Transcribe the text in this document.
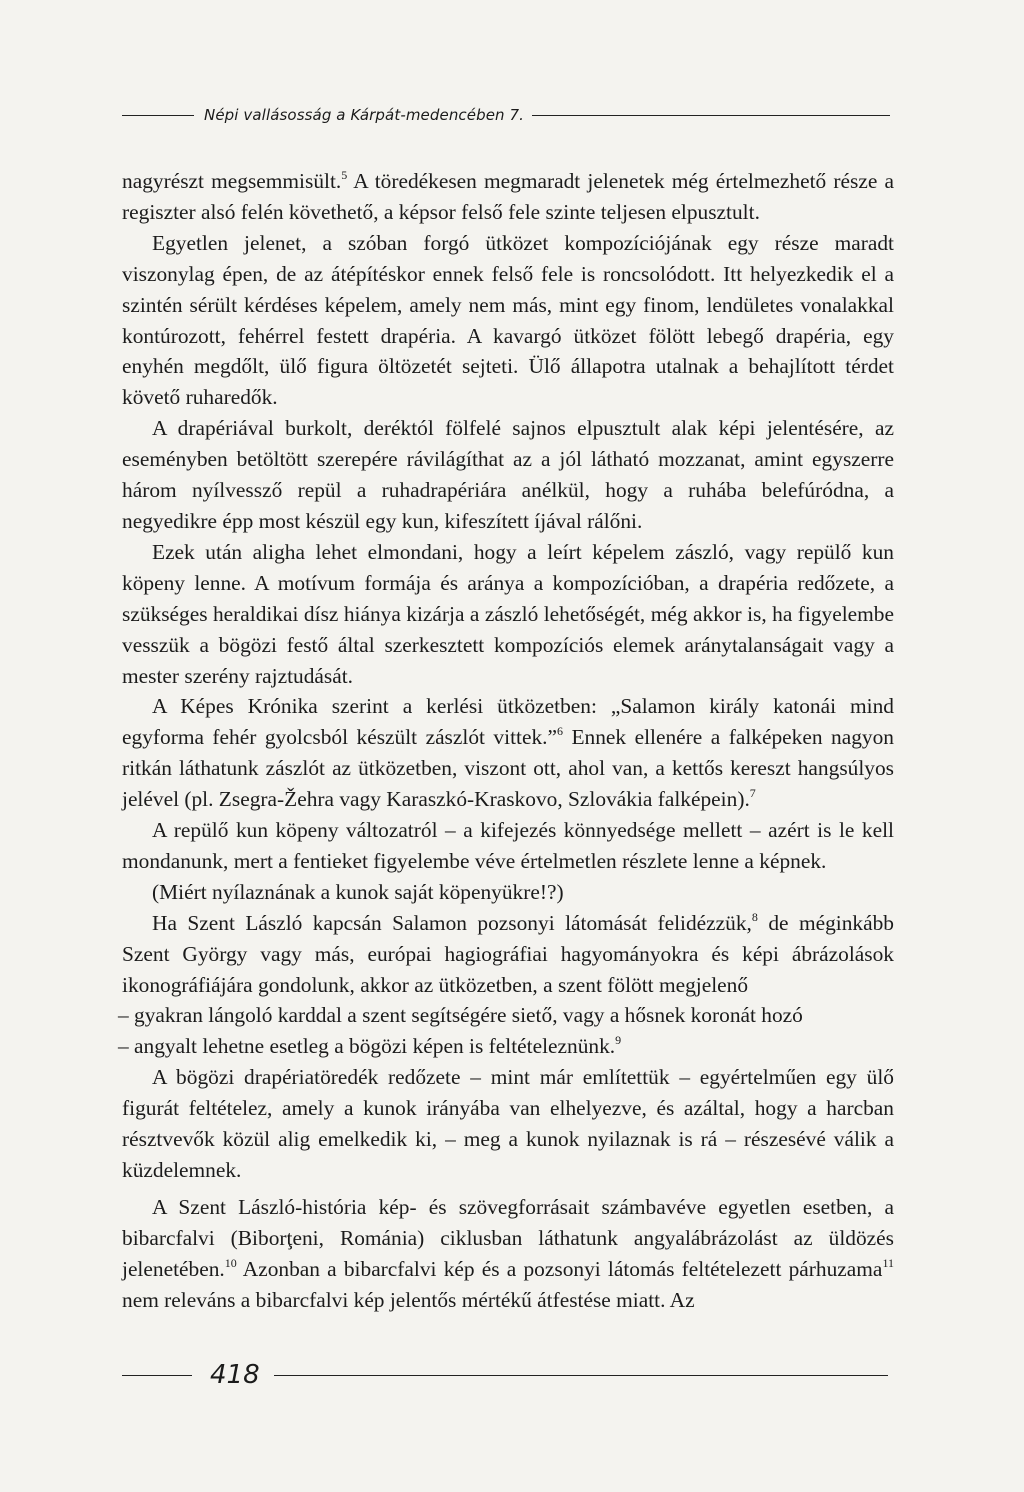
Népi vallásosság a Kárpát-medencében 7.

nagyrészt megsemmisült.$^5$ A töredékesen megmaradt jelenetek még értelmezhető része a regiszter alsó felén követhető, a képsor felső fele szinte teljesen elpusztult.

Egyetlen jelenet, a szóban forgó ütközet kompozíciójának egy része maradt viszonylag épen, de az átépítéskor ennek felső fele is roncsolódott. Itt helyezkedik el a szintén sérült kérdéses képelem, amely nem más, mint egy finom, lendületes vonalakkal kontúrozott, fehérrel festett drapéria. A kavargó ütközet fölött lebegő drapéria, egy enyhén megdőlt, ülő figura öltözetét sejteti. Ülő állapotra utalnak a behajlított térdet követő ruharedők.

A drapériával burkolt, deréktól fölfelé sajnos elpusztult alak képi jelentésére, az eseményben betöltött szerepére rávilágíthat az a jól látható mozzanat, amint egyszerre három nyílvessző repül a ruhadrapériára anélkül, hogy a ruhába belefúródna, a negyedikre épp most készül egy kun, kifeszített íjával rálőni.

Ezek után aligha lehet elmondani, hogy a leírt képelem zászló, vagy repülő kun köpeny lenne. A motívum formája és aránya a kompozícióban, a drapéria redőzete, a szükséges heraldikai dísz hiánya kizárja a zászló lehetőségét, még akkor is, ha figyelembe vesszük a bögözi festő által szerkesztett kompozíciós elemek aránytalanságait vagy a mester szerény rajztudását.

A Képes Krónika szerint a kerlési ütközetben: „Salamon király katonái mind egyforma fehér gyolcsból készült zászlót vittek.”$^6$ Ennek ellenére a falképeken nagyon ritkán láthatunk zászlót az ütközetben, viszont ott, ahol van, a kettős kereszt hangsúlyos jelével (pl. Zsegra-Žehra vagy Karaszkó-Kraskovo, Szlovákia falképein).$^7$

A repülő kun köpeny változatról – a kifejezés könnyedsége mellett – azért is le kell mondanunk, mert a fentieket figyelembe véve értelmetlen részlete lenne a képnek.

(Miért nyílaznának a kunok saját köpenyükre!?)

Ha Szent László kapcsán Salamon pozsonyi látomását felidézzük,$^8$ de méginkább Szent György vagy más, európai hagiográfiai hagyományokra és képi ábrázolások ikonográfiájára gondolunk, akkor az ütközetben, a szent fölött megjelenő

– gyakran lángoló karddal a szent segítségére siető, vagy a hősnek koronát hozó

– angyalt lehetne esetleg a bögözi képen is feltételeznünk.$^9$

A bögözi drapériatöredék redőzete – mint már említettük – egyértelműen egy ülő figurát feltételez, amely a kunok irányába van elhelyezve, és azáltal, hogy a harcban résztvevők közül alig emelkedik ki, – meg a kunok nyilaznak is rá – részesévé válik a küzdelemnek.

A Szent László-história kép- és szövegforrásait számbavéve egyetlen esetben, a bibarcfalvi (Biborţeni, Románia) ciklusban láthatunk angyalábrázolást az üldözés jelenetében.$^{10}$ Azonban a bibarcfalvi kép és a pozsonyi látomás feltételezett párhuzama$^{11}$ nem releváns a bibarcfalvi kép jelentős mértékű átfestése miatt. Az

418
